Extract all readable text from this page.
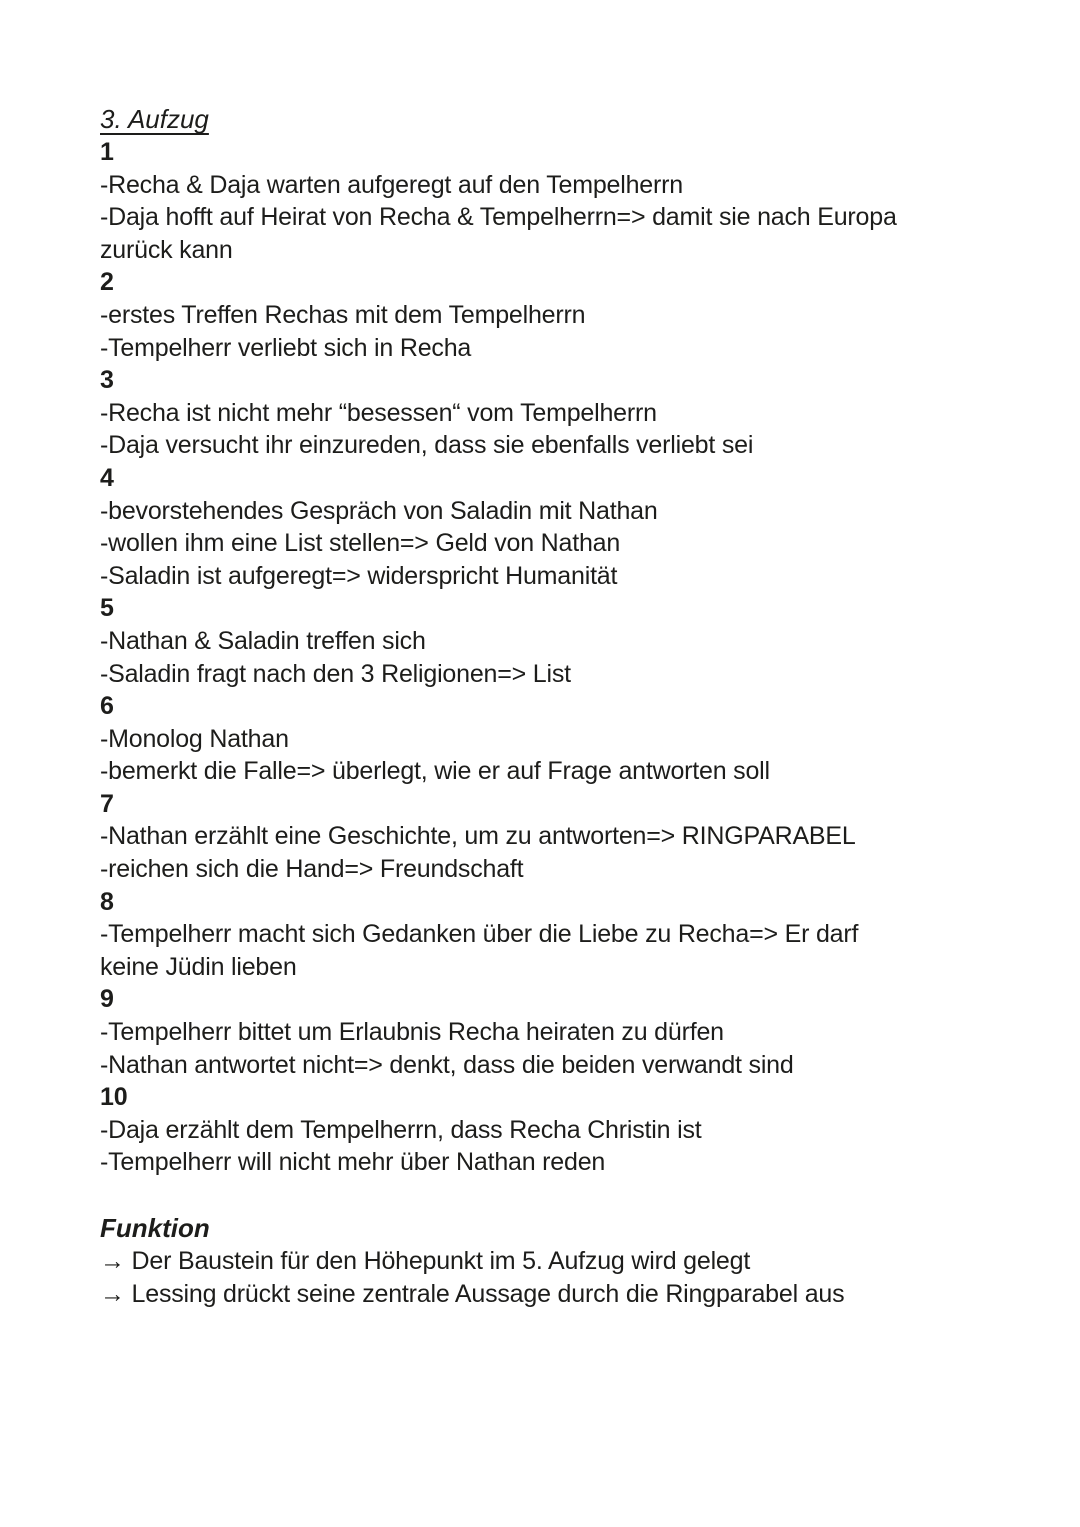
3. Aufzug
1
-Recha & Daja warten aufgeregt auf den Tempelherrn
-Daja hofft auf Heirat von Recha & Tempelherrn=> damit sie nach Europa
zurück kann
2
-erstes Treffen Rechas mit dem Tempelherrn
-Tempelherr verliebt sich in Recha
3
-Recha ist nicht mehr “besessen“ vom Tempelherrn
-Daja versucht ihr einzureden, dass sie ebenfalls verliebt sei
4
-bevorstehendes Gespräch von Saladin mit Nathan
-wollen ihm eine List stellen=> Geld von Nathan
-Saladin ist aufgeregt=> widerspricht Humanität
5
-Nathan & Saladin treffen sich
-Saladin fragt nach den 3 Religionen=> List
6
-Monolog Nathan
-bemerkt die Falle=> überlegt, wie er auf Frage antworten soll
7
-Nathan erzählt eine Geschichte, um zu antworten=> RINGPARABEL
-reichen sich die Hand=> Freundschaft
8
-Tempelherr macht sich Gedanken über die Liebe zu Recha=> Er darf
keine Jüdin lieben
9
-Tempelherr bittet um Erlaubnis Recha heiraten zu dürfen
-Nathan antwortet nicht=> denkt, dass die beiden verwandt sind
10
-Daja erzählt dem Tempelherrn, dass Recha Christin ist
-Tempelherr will nicht mehr über Nathan reden
Funktion
→ Der Baustein für den Höhepunkt im 5. Aufzug wird gelegt
→ Lessing drückt seine zentrale Aussage durch die Ringparabel aus
